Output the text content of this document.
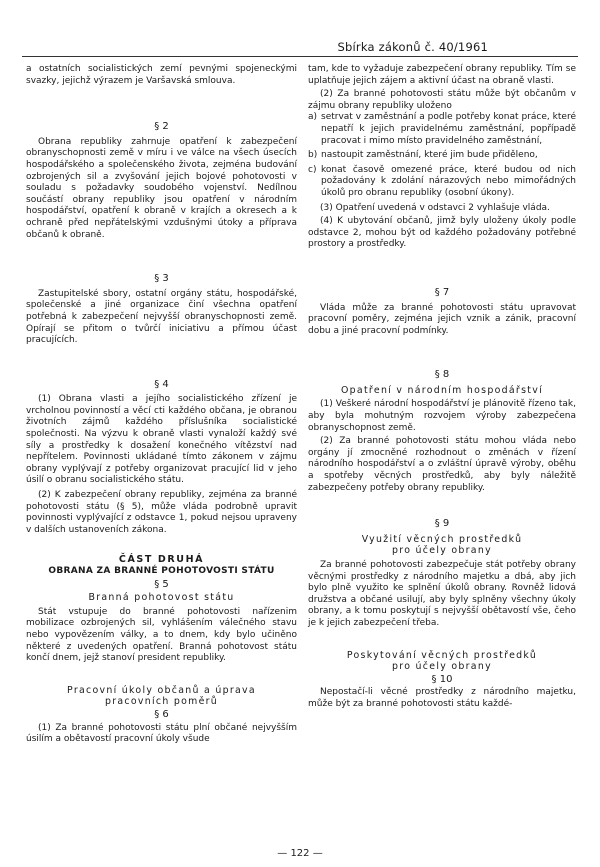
Sbírka zákonů č. 40/1961

a ostatních socialistických zemí pevnými spojeneckými svazky, jejichž výrazem je Varšavská smlouva.

§ 2

Obrana republiky zahrnuje opatření k zabezpečení obranyschopnosti země v míru i ve válce na všech úsecích hospodářského a společenského života, zejména budování ozbrojených sil a zvyšování jejich bojové pohotovosti v souladu s požadavky soudobého vojenství. Nedílnou součástí obrany republiky jsou opatření v národním hospodářství, opatření k obraně v krajích a okresech a k ochraně před nepřátelskými vzdušnými útoky a příprava občanů k obraně.

§ 3

Zastupitelské sbory, ostatní orgány státu, hospodářské, společenské a jiné organizace činí všechna opatření potřebná k zabezpečení nejvyšší obranyschopnosti země. Opírají se přitom o tvůrčí iniciativu a přímou účast pracujících.

§ 4

(1) Obrana vlasti a jejího socialistického zřízení je vrcholnou povinností a věcí cti každého občana, je obranou životních zájmů každého příslušníka socialistické společnosti. Na výzvu k obraně vlasti vynaloží každý své síly a prostředky k dosažení konečného vítězství nad nepřítelem. Povinnosti ukládané tímto zákonem v zájmu obrany vyplývají z potřeby organizovat pracující lid v jeho úsilí o obranu socialistického státu.

(2) K zabezpečení obrany republiky, zejména za branné pohotovosti státu (§ 5), může vláda podrobně upravit povinnosti vyplývající z odstavce 1, pokud nejsou upraveny v dalších ustanoveních zákona.

ČÁST DRUHÁ
OBRANA ZA BRANNÉ POHOTOVOSTI STÁTU
§ 5
Branná pohotovost státu

Stát vstupuje do branné pohotovosti nařízenim mobilizace ozbrojených sil, vyhlášením válečného stavu nebo vypovězením války, a to dnem, kdy bylo učiněno některé z uvedených opatření. Branná pohotovost státu končí dnem, jejž stanoví president republiky.

Pracovní úkoly občanů a úprava
pracovních poměrů
§ 6

(1) Za branné pohotovosti státu plní občané nejvyšším úsilím a obětavostí pracovní úkoly všude

tam, kde to vyžaduje zabezpečení obrany republiky. Tím se uplatňuje jejich zájem a aktivní účast na obraně vlasti.

(2) Za branné pohotovosti státu může být občanům v zájmu obrany republiky uloženo

a) setrvat v zaměstnání a podle potřeby konat práce, které nepatří k jejich pravidelnému zaměstnání, popřípadě pracovat i mimo místo pravidelného zaměstnání,
b) nastoupit zaměstnání, které jim bude přiděleno,
c) konat časově omezené práce, které budou od nich požadovány k zdolání nárazových nebo mimořádných úkolů pro obranu republiky (osobní úkony).

(3) Opatření uvedená v odstavci 2 vyhlašuje vláda.

(4) K ubytování občanů, jimž byly uloženy úkoly podle odstavce 2, mohou být od každého požadovány potřebné prostory a prostředky.

§ 7

Vláda může za branné pohotovosti státu upravovat pracovní poměry, zejména jejich vznik a zánik, pracovní dobu a jiné pracovní podmínky.

§ 8
Opatření v národním hospodářství

(1) Veškeré národní hospodářství je plánovitě řízeno tak, aby byla mohutným rozvojem výroby zabezpečena obranyschopnost země.

(2) Za branné pohotovosti státu mohou vláda nebo orgány jí zmocněné rozhodnout o změnách v řízení národního hospodářství a o zvláštní úpravě výroby, oběhu a spotřeby věcných prostředků, aby byly náležitě zabezpečeny potřeby obrany republiky.

§ 9
Využití věcných prostředků
pro účely obrany

Za branné pohotovosti zabezpečuje stát potřeby obrany věcnými prostředky z národního majetku a dbá, aby jich bylo plně využito ke splnění úkolů obrany. Rovněž lidová družstva a občané usilují, aby byly splněny všechny úkoly obrany, a k tomu poskytují s nejvyšší obětavostí vše, čeho je k jejich zabezpečení třeba.

Poskytování věcných prostředků
pro účely obrany
§ 10

Nepostačí-li věcné prostředky z národního majetku, může být za branné pohotovosti státu každé-

— 122 —
